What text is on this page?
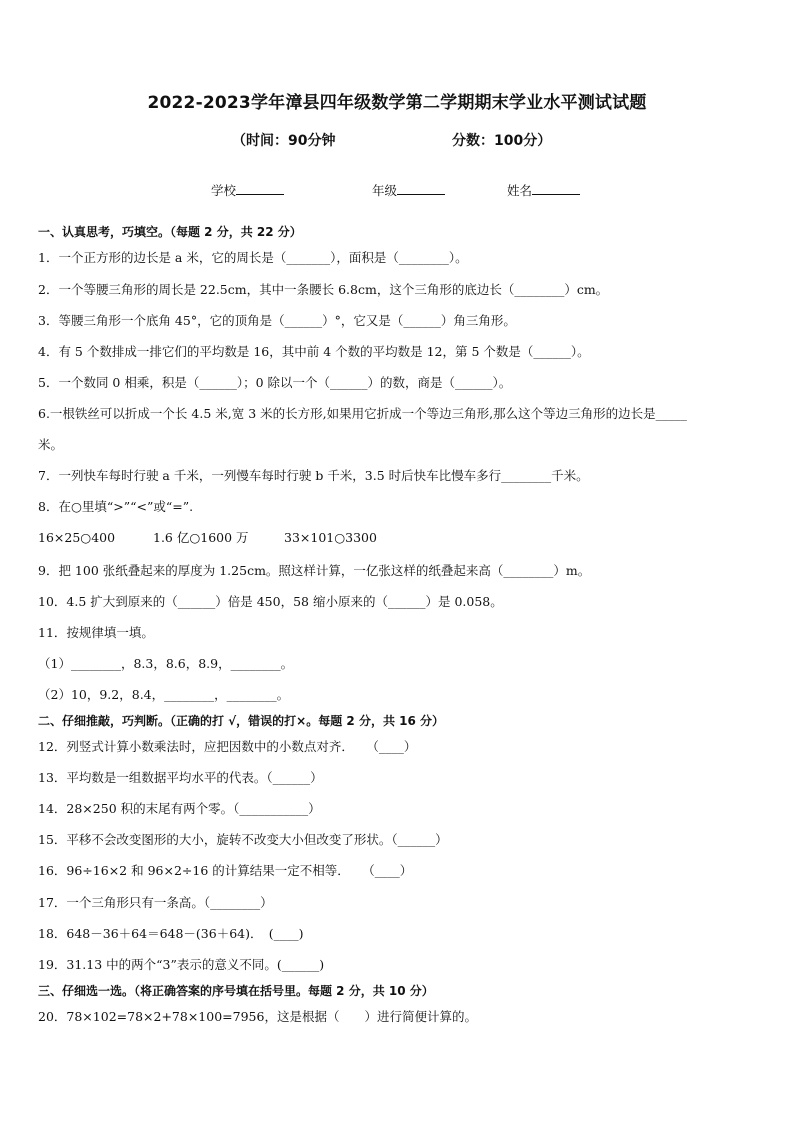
2022-2023学年漳县四年级数学第二学期期末学业水平测试试题
（时间：90分钟	分数：100分）
学校	年级	姓名
一、认真思考，巧填空。（每题 2 分，共 22 分）
1．一个正方形的边长是 a 米，它的周长是（_______），面积是（________）。
2．一个等腰三角形的周长是 22.5cm，其中一条腰长 6.8cm，这个三角形的底边长（________）cm。
3．等腰三角形一个底角 45°，它的顶角是（______）°，它又是（______）角三角形。
4．有 5 个数排成一排它们的平均数是 16，其中前 4 个数的平均数是 12，第 5 个数是（______）。
5．一个数同 0 相乘，积是（______）；0 除以一个（______）的数，商是（______）。
6.一根铁丝可以折成一个长 4.5 米,宽 3 米的长方形,如果用它折成一个等边三角形,那么这个等边三角形的边长是_____
米。
7．一列快车每时行驶 a 千米，一列慢车每时行驶 b 千米，3.5 时后快车比慢车多行________千米。
8．在○里填“>”“<”或“=”.
16×25○400	1.6 亿○1600 万	33×101○3300
9．把 100 张纸叠起来的厚度为 1.25cm。照这样计算，一亿张这样的纸叠起来高（________）m。
10．4.5 扩大到原来的（______）倍是 450，58 缩小原来的（______）是 0.058。
11．按规律填一填。
（1）________，8.3，8.6，8.9，________。
（2）10，9.2，8.4，________，________。
二、仔细推敲，巧判断。（正确的打 √，错误的打×。每题 2 分，共 16 分）
12．列竖式计算小数乘法时，应把因数中的小数点对齐．　　（____）
13．平均数是一组数据平均水平的代表。（______）
14．28×250 积的末尾有两个零。（___________）
15．平移不会改变图形的大小，旋转不改变大小但改变了形状。（______）
16．96÷16×2 和 96×2÷16 的计算结果一定不相等．　　（____）
17．一个三角形只有一条高。（________）
18．648－36＋64＝648－(36＋64)．　(____)
19．31.13 中的两个“3”表示的意义不同。(______)
三、仔细选一选。（将正确答案的序号填在括号里。每题 2 分，共 10 分）
20．78×102=78×2+78×100=7956，这是根据（　　）进行简便计算的。
